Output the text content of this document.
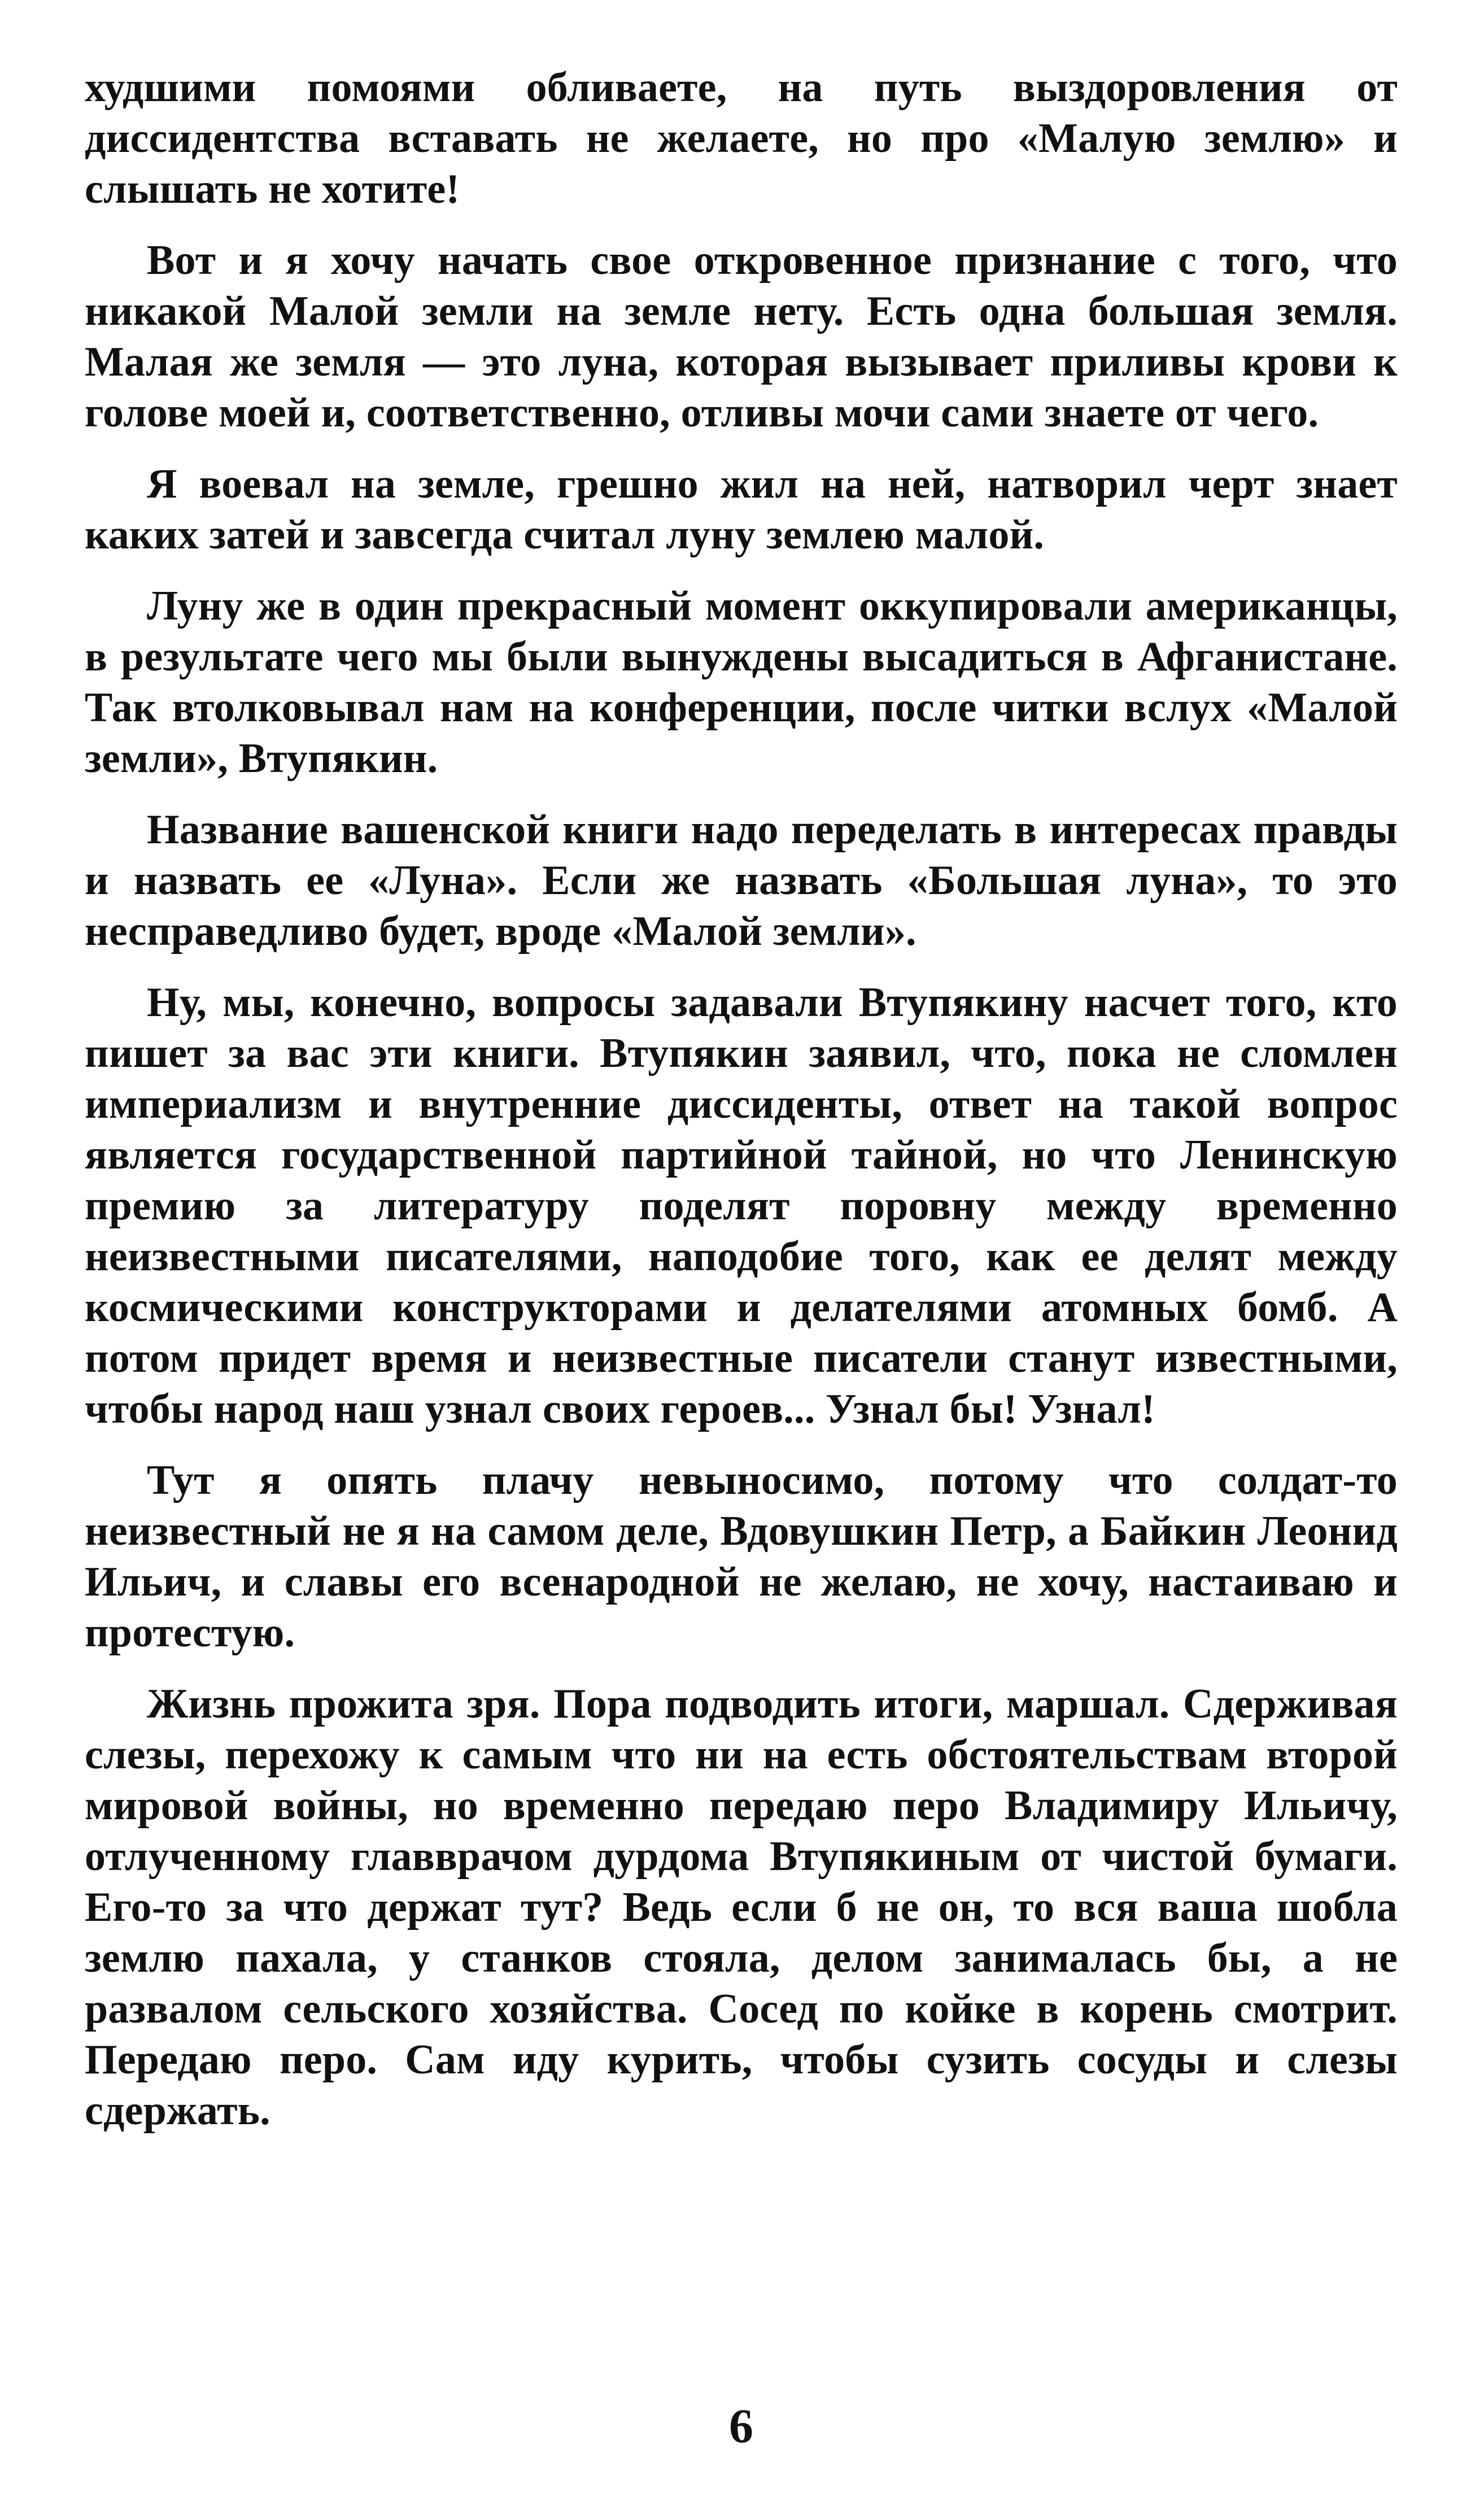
худшими помоями обливаете, на путь выздоровления от диссидентства вставать не желаете, но про «Малую землю» и слышать не хотите!

Вот и я хочу начать свое откровенное признание с того, что никакой Малой земли на земле нету. Есть одна большая земля. Малая же земля — это луна, которая вызывает приливы крови к голове моей и, соответственно, отливы мочи сами знаете от чего.

Я воевал на земле, грешно жил на ней, натворил черт знает каких затей и завсегда считал луну землею малой.

Луну же в один прекрасный момент оккупировали американцы, в результате чего мы были вынуждены высадиться в Афганистане. Так втолковывал нам на конференции, после читки вслух «Малой земли», Втупякин.

Название вашенской книги надо переделать в интересах правды и назвать ее «Луна». Если же назвать «Большая луна», то это несправедливо будет, вроде «Малой земли».

Ну, мы, конечно, вопросы задавали Втупякину насчет того, кто пишет за вас эти книги. Втупякин заявил, что, пока не сломлен империализм и внутренние диссиденты, ответ на такой вопрос является государственной партийной тайной, но что Ленинскую премию за литературу поделят поровну между временно неизвестными писателями, наподобие того, как ее делят между космическими конструкторами и делателями атомных бомб. А потом придет время и неизвестные писатели станут известными, чтобы народ наш узнал своих героев... Узнал бы! Узнал!

Тут я опять плачу невыносимо, потому что солдат-то неизвестный не я на самом деле, Вдовушкин Петр, а Байкин Леонид Ильич, и славы его всенародной не желаю, не хочу, настаиваю и протестую.

Жизнь прожита зря. Пора подводить итоги, маршал. Сдерживая слезы, перехожу к самым что ни на есть обстоятельствам второй мировой войны, но временно передаю перо Владимиру Ильичу, отлученному главврачом дурдома Втупякиным от чистой бумаги. Его-то за что держат тут? Ведь если б не он, то вся ваша шобла землю пахала, у станков стояла, делом занималась бы, а не развалом сельского хозяйства. Сосед по койке в корень смотрит. Передаю перо. Сам иду курить, чтобы сузить сосуды и слезы сдержать.

6
